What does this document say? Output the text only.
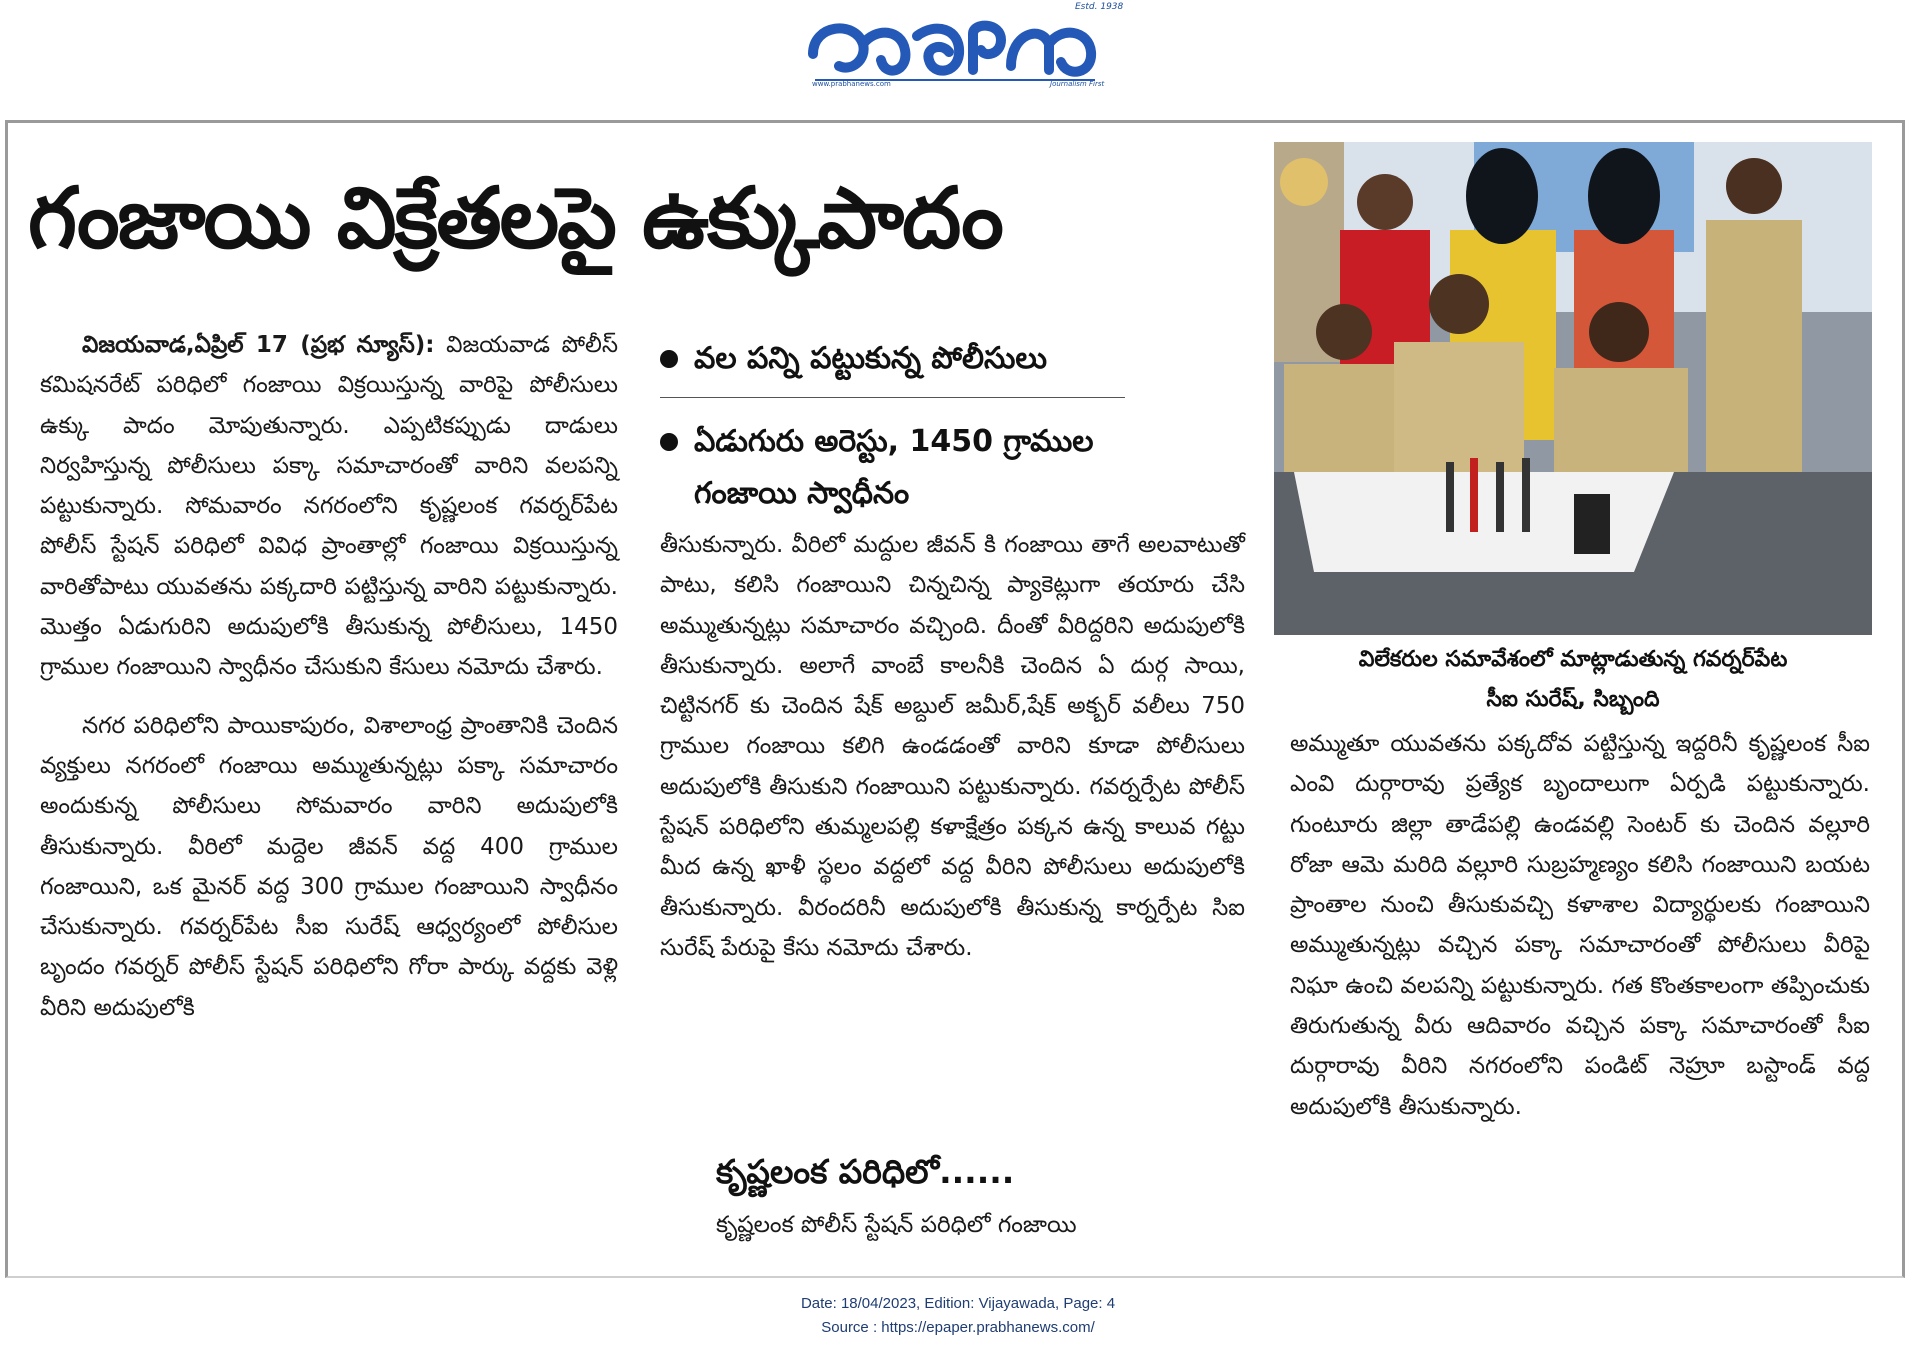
Estd. 1938
www.prabhanews.com	Journalism First
గంజాయి విక్రేతలపై ఉక్కుపాదం

విజయవాడ,ఏప్రిల్ 17 (ప్రభ న్యూస్): విజయవాడ పోలీస్ కమిషనరేట్ పరిధిలో గంజాయి విక్రయిస్తున్న వారిపై పోలీసులు ఉక్కు పాదం మోపుతున్నారు. ఎప్పటికప్పుడు దాడులు నిర్వహిస్తున్న పోలీసులు పక్కా సమాచారంతో వారిని వలపన్ని పట్టుకున్నారు. సోమవారం నగరంలోని కృష్ణలంక గవర్నర్‌పేట పోలీస్ స్టేషన్ పరిధిలో వివిధ ప్రాంతాల్లో గంజాయి విక్రయిస్తున్న వారితోపాటు యువతను పక్కదారి పట్టిస్తున్న వారిని పట్టుకున్నారు. మొత్తం ఏడుగురిని అదుపులోకి తీసుకున్న పోలీసులు, 1450 గ్రాముల గంజాయిని స్వాధీనం చేసుకుని కేసులు నమోదు చేశారు.

నగర పరిధిలోని పాయికాపురం, విశాలాంధ్ర ప్రాంతానికి చెందిన వ్యక్తులు నగరంలో గంజాయి అమ్ముతున్నట్లు పక్కా సమాచారం అందుకున్న పోలీసులు సోమవారం వారిని అదుపులోకి తీసుకున్నారు. వీరిలో మద్దెల జీవన్ వద్ద 400 గ్రాముల గంజాయిని, ఒక మైనర్ వద్ద 300 గ్రాముల గంజాయిని స్వాధీనం చేసుకున్నారు. గవర్నర్‌పేట సీఐ సురేష్ ఆధ్వర్యంలో పోలీసుల బృందం గవర్నర్ పోలీస్ స్టేషన్ పరిధిలోని గోరా పార్కు వద్దకు వెళ్లి వీరిని అదుపులోకి

వల పన్ని పట్టుకున్న పోలీసులు
ఏడుగురు అరెస్టు, 1450 గ్రాముల గంజాయి స్వాధీనం

తీసుకున్నారు. వీరిలో మద్దుల జీవన్ కి గంజాయి తాగే అలవాటుతో పాటు, కలిసి గంజాయిని చిన్నచిన్న ప్యాకెట్లుగా తయారు చేసి అమ్ముతున్నట్లు సమాచారం వచ్చింది. దీంతో వీరిద్దరిని అదుపులోకి తీసుకున్నారు. అలాగే వాంబే కాలనీకి చెందిన ఏ దుర్గ సాయి, చిట్టినగర్ కు చెందిన షేక్ అబ్దుల్ జమీర్,షేక్ అక్బర్ వలీలు 750 గ్రాముల గంజాయి కలిగి ఉండడంతో వారిని కూడా పోలీసులు అదుపులోకి తీసుకుని గంజాయిని పట్టుకున్నారు. గవర్నర్పేట పోలీస్ స్టేషన్ పరిధిలోని తుమ్మలపల్లి కళాక్షేత్రం పక్కన ఉన్న కాలువ గట్టు మీద ఉన్న ఖాళీ స్థలం వద్దలో వద్ద వీరిని పోలీసులు అదుపులోకి తీసుకున్నారు. వీరందరినీ అదుపులోకి తీసుకున్న కార్నర్పేట సిఐ సురేష్ పేరుపై కేసు నమోదు చేశారు.

కృష్ణలంక పరిధిలో......

కృష్ణలంక పోలీస్ స్టేషన్ పరిధిలో గంజాయి

విలేకరుల సమావేశంలో మాట్లాడుతున్న గవర్నర్‌పేట
సీఐ సురేష్, సిబ్బంది

అమ్ముతూ యువతను పక్కదోవ పట్టిస్తున్న ఇద్దరినీ కృష్ణలంక సీఐ ఎంవి దుర్గారావు ప్రత్యేక బృందాలుగా ఏర్పడి పట్టుకున్నారు. గుంటూరు జిల్లా తాడేపల్లి ఉండవల్లి సెంటర్ కు చెందిన వల్లూరి రోజా ఆమె మరిది వల్లూరి సుబ్రహ్మణ్యం కలిసి గంజాయిని బయట ప్రాంతాల నుంచి తీసుకువచ్చి కళాశాల విద్యార్థులకు గంజాయిని అమ్ముతున్నట్లు వచ్చిన పక్కా సమాచారంతో పోలీసులు వీరిపై నిఘా ఉంచి వలపన్ని పట్టుకున్నారు. గత కొంతకాలంగా తప్పించుకు తిరుగుతున్న వీరు ఆదివారం వచ్చిన పక్కా సమాచారంతో సీఐ దుర్గారావు వీరిని నగరంలోని పండిట్ నెహ్రూ బస్టాండ్ వద్ద అదుపులోకి తీసుకున్నారు.

Date: 18/04/2023, Edition: Vijayawada, Page: 4
Source : https://epaper.prabhanews.com/
